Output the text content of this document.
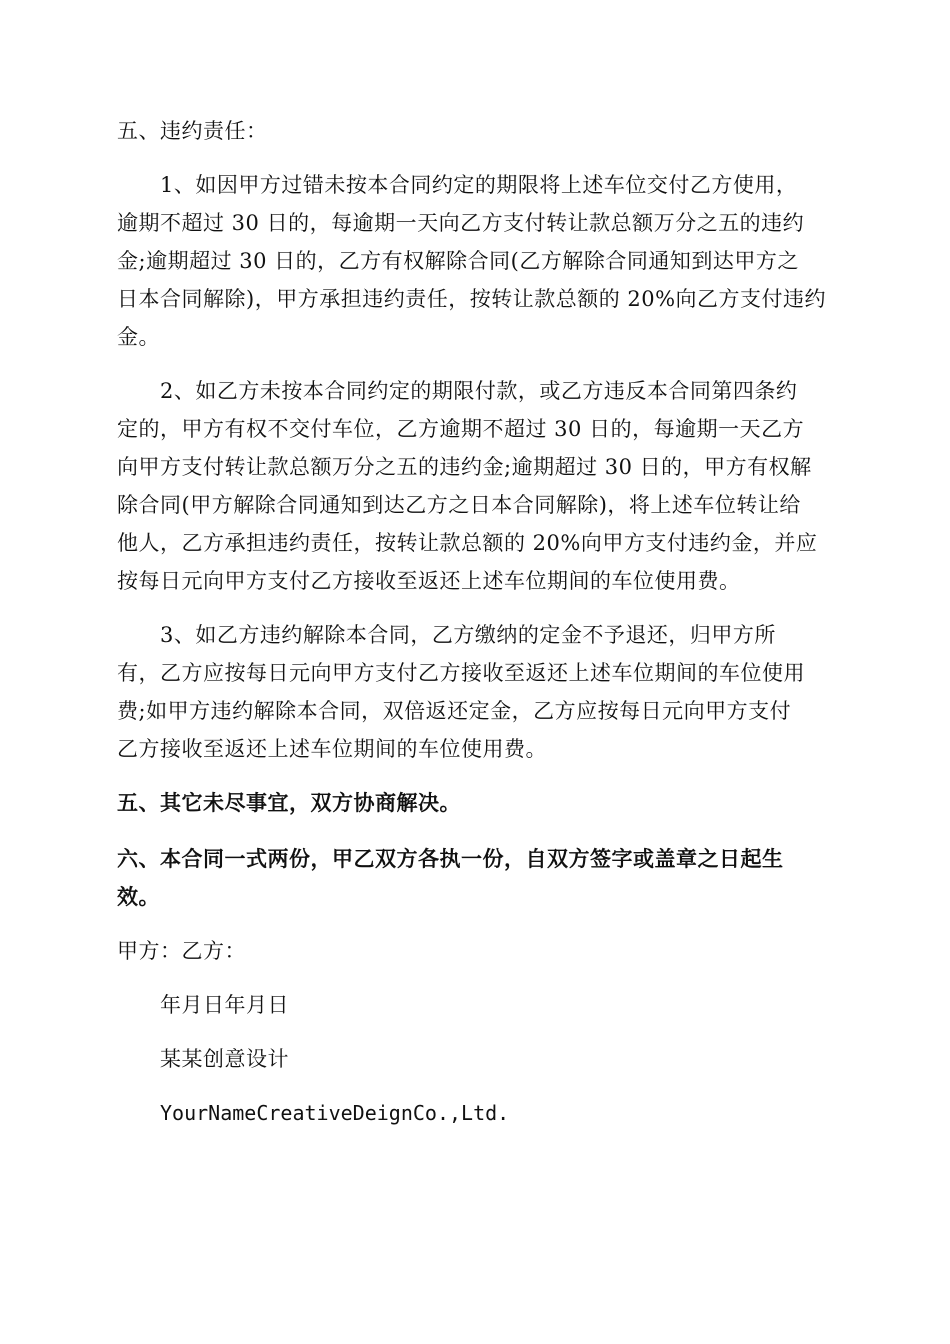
五、违约责任：
1、如因甲方过错未按本合同约定的期限将上述车位交付乙方使用，
逾期不超过 30 日的，每逾期一天向乙方支付转让款总额万分之五的违约
金;逾期超过 30 日的，乙方有权解除合同(乙方解除合同通知到达甲方之
日本合同解除)，甲方承担违约责任，按转让款总额的 20%向乙方支付违约
金。
2、如乙方未按本合同约定的期限付款，或乙方违反本合同第四条约
定的，甲方有权不交付车位，乙方逾期不超过 30 日的，每逾期一天乙方
向甲方支付转让款总额万分之五的违约金;逾期超过 30 日的，甲方有权解
除合同(甲方解除合同通知到达乙方之日本合同解除)，将上述车位转让给
他人，乙方承担违约责任，按转让款总额的 20%向甲方支付违约金，并应
按每日元向甲方支付乙方接收至返还上述车位期间的车位使用费。
3、如乙方违约解除本合同，乙方缴纳的定金不予退还，归甲方所
有，乙方应按每日元向甲方支付乙方接收至返还上述车位期间的车位使用
费;如甲方违约解除本合同，双倍返还定金，乙方应按每日元向甲方支付
乙方接收至返还上述车位期间的车位使用费。
五、其它未尽事宜，双方协商解决。
六、本合同一式两份，甲乙双方各执一份，自双方签字或盖章之日起生
效。
甲方：乙方：
年月日年月日
某某创意设计
YourNameCreativeDeignCo.,Ltd.
